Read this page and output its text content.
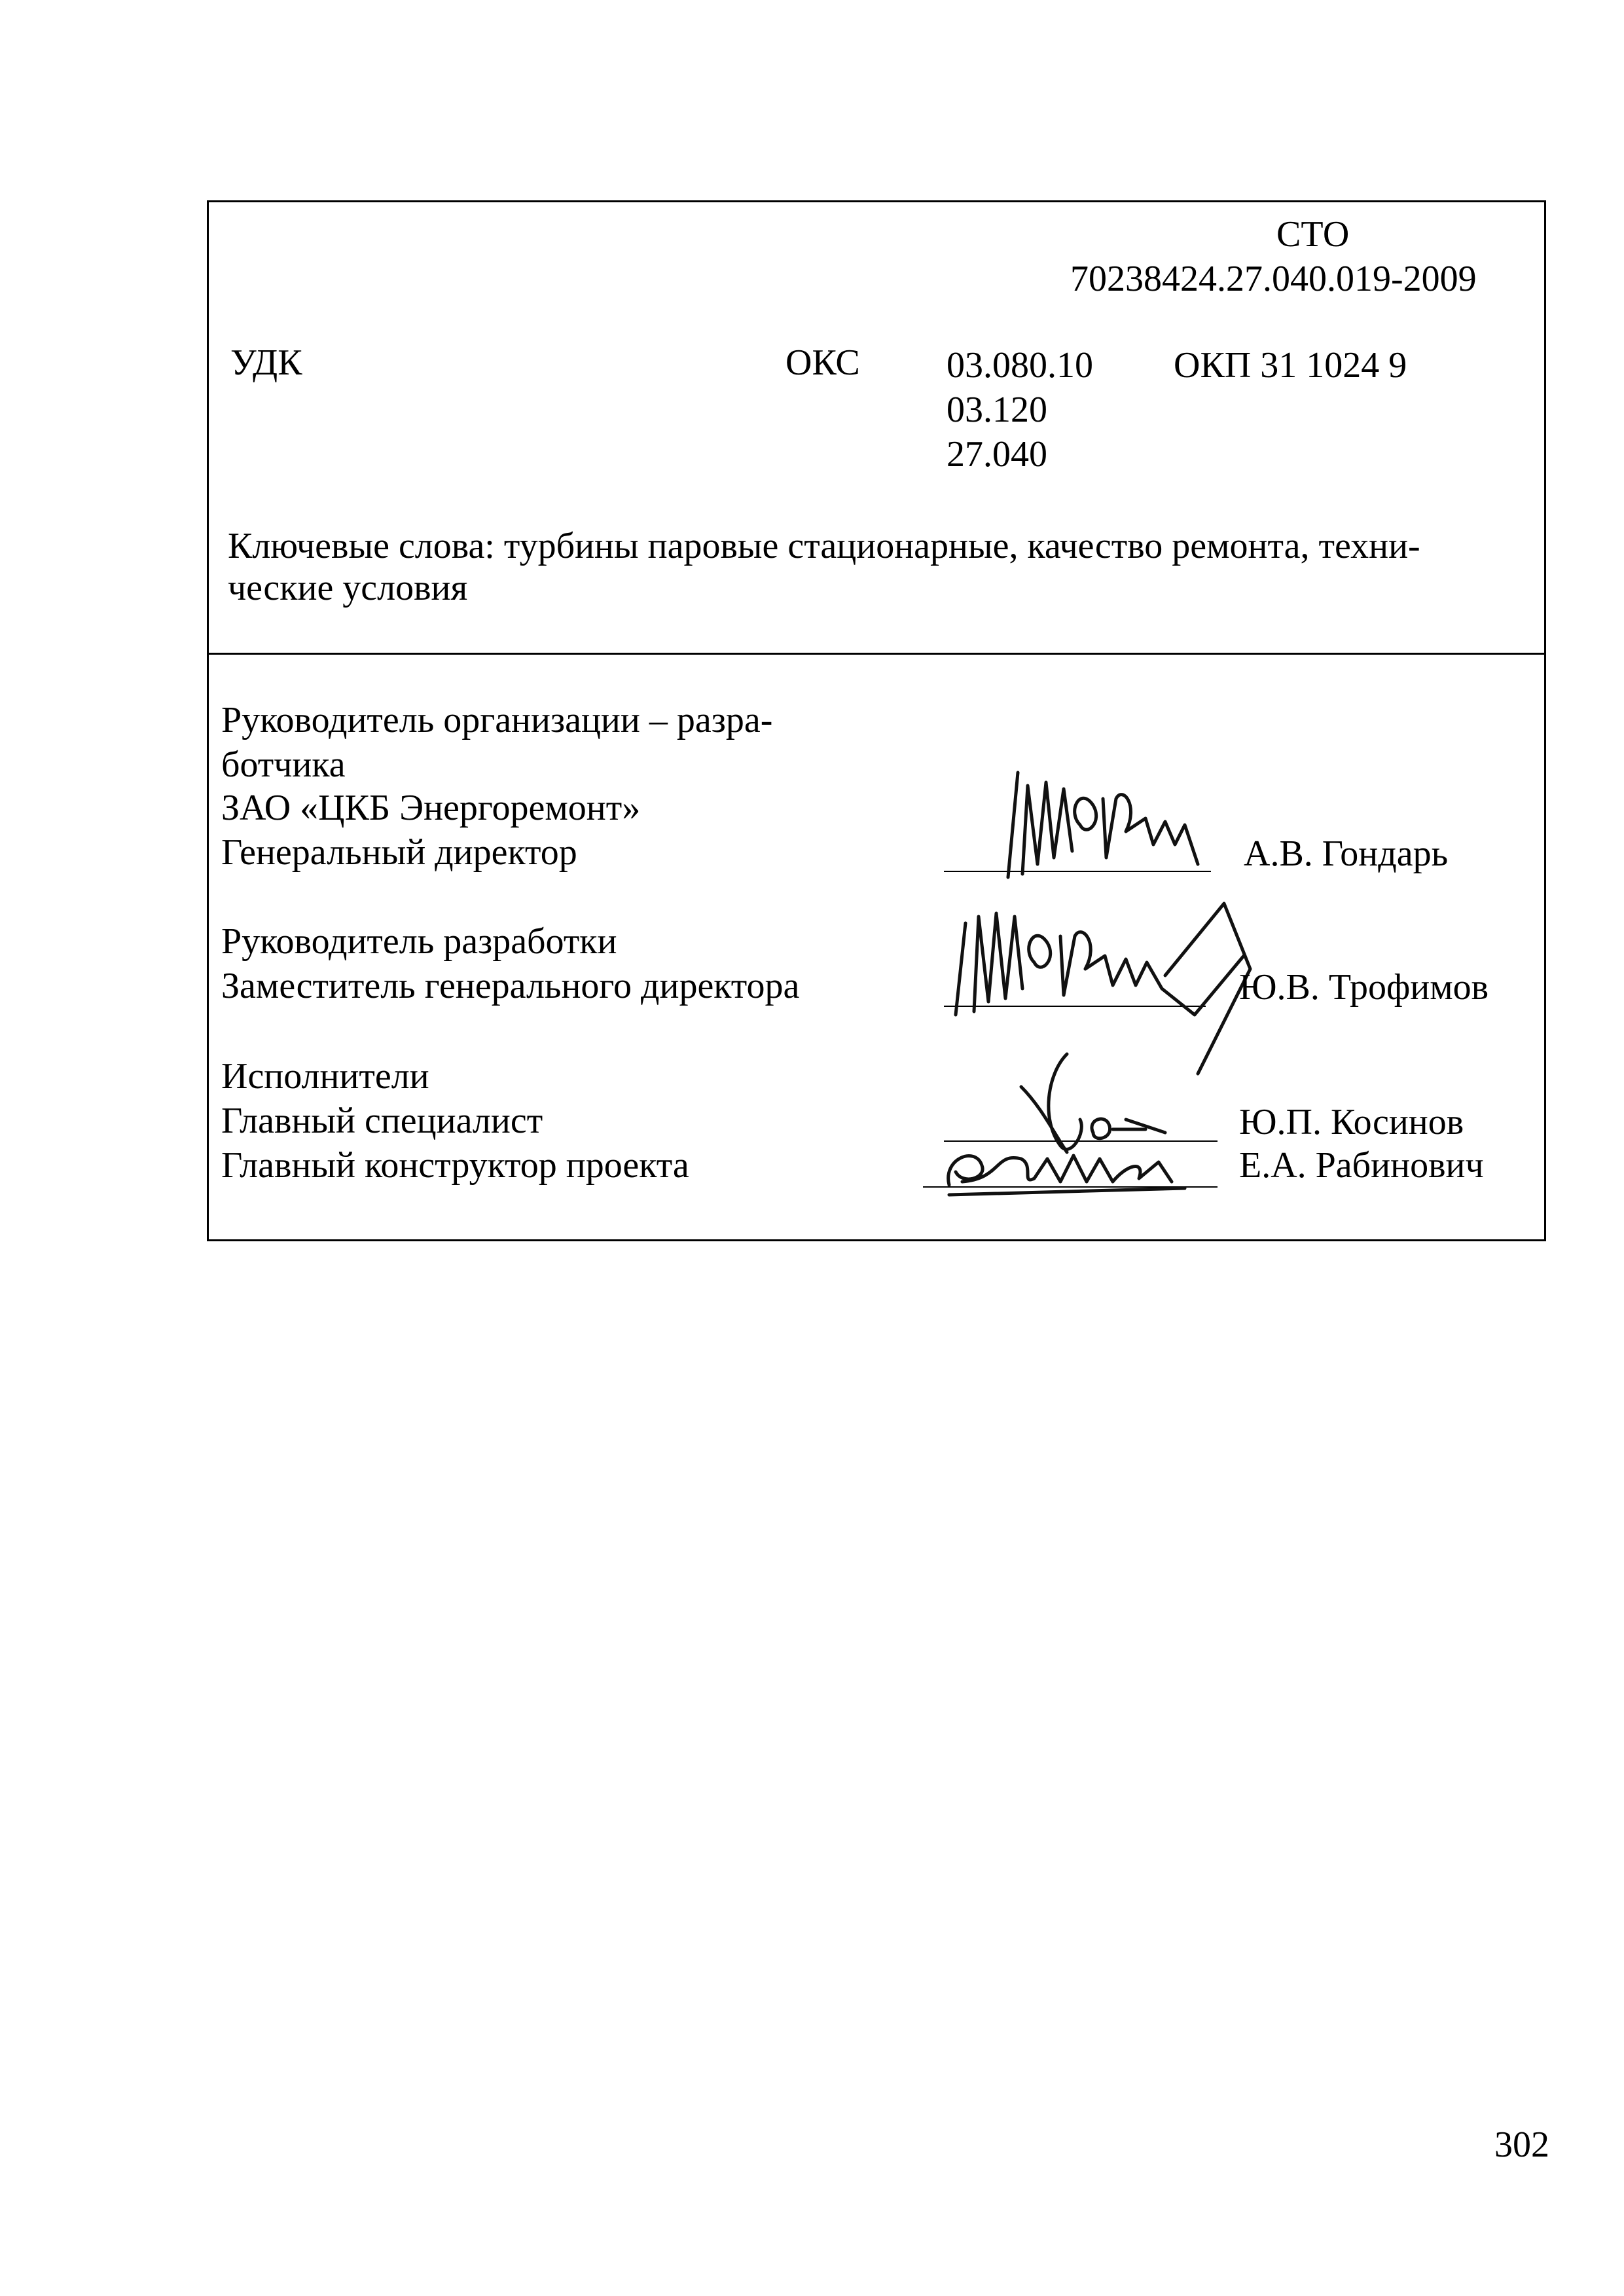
СТО
70238424.27.040.019-2009
УДК	ОКС 03.080.10
03.120
27.040
ОКП 31 1024 9
Ключевые слова: турбины паровые стационарные, качество ремонта, техни-
ческие условия
Руководитель организации – разра-
ботчика
ЗАО «ЦКБ Энергоремонт»
Генеральный директор	А.В. Гондарь
Руководитель разработки
Заместитель генерального директора	Ю.В. Трофимов
Исполнители
Главный специалист	Ю.П. Косинов
Главный конструктор проекта	Е.А. Рабинович
302
